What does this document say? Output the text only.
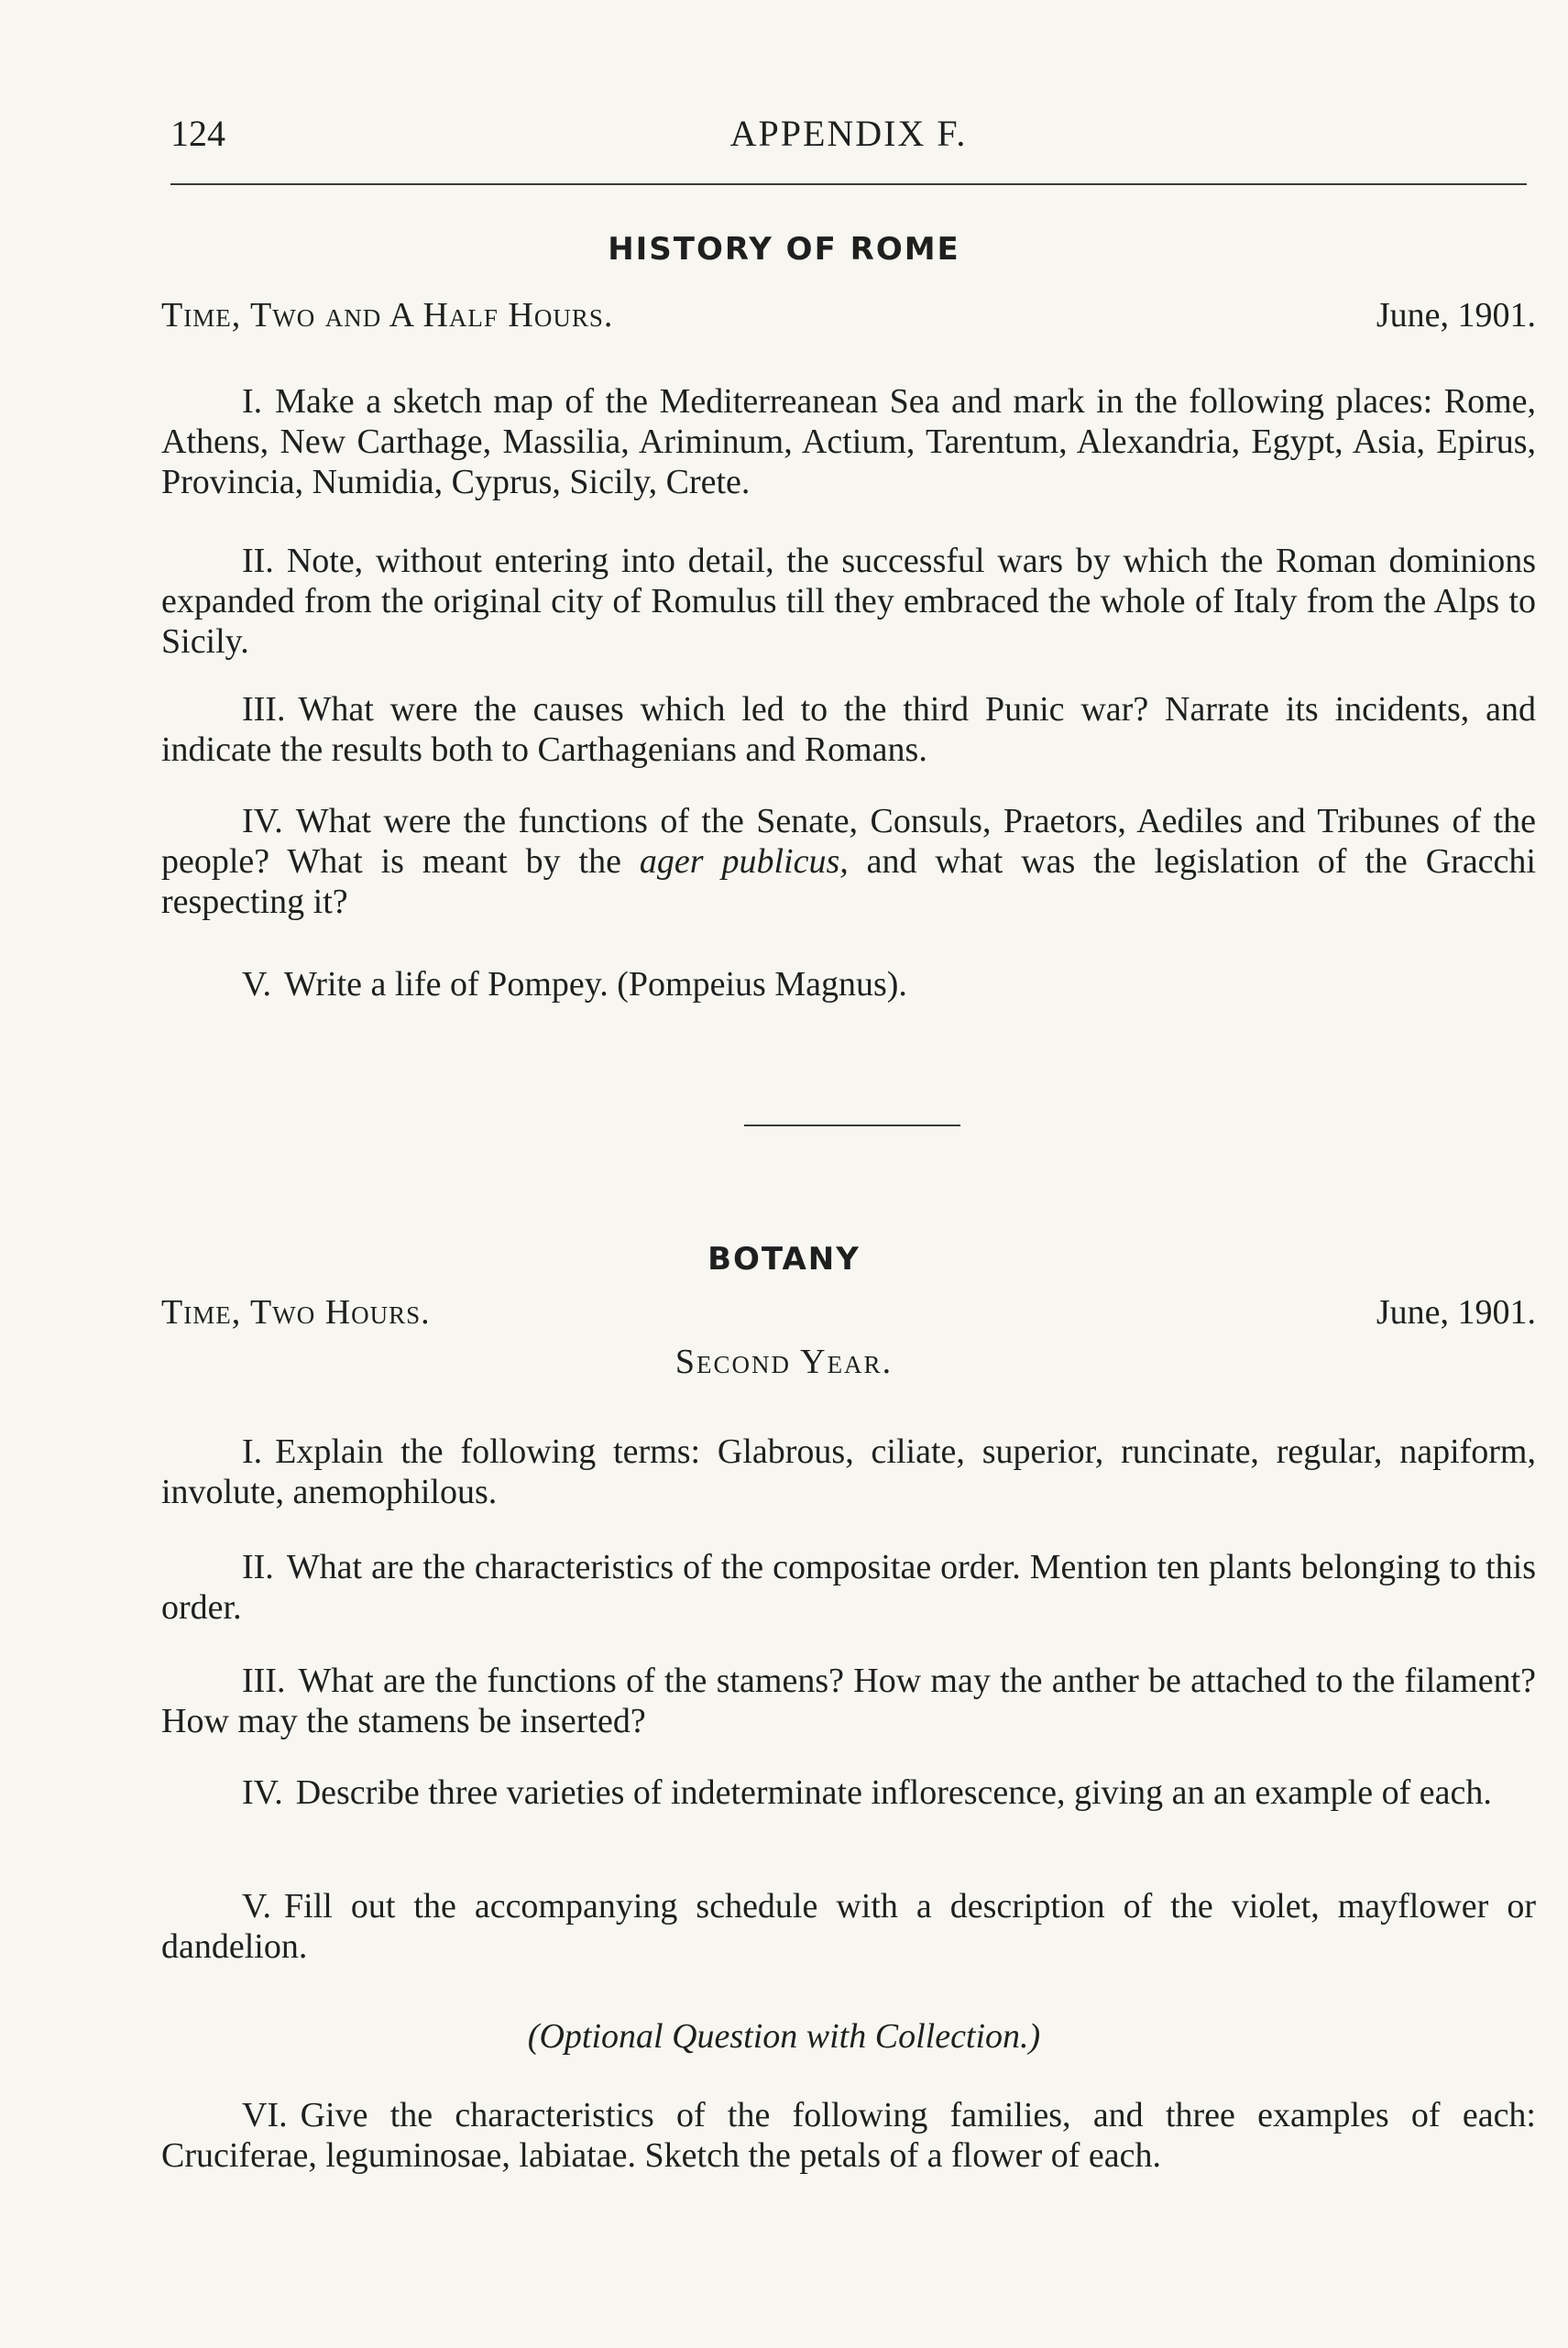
124	APPENDIX F.
HISTORY OF ROME
Time, Two and A Half Hours.	June, 1901.
I. Make a sketch map of the Mediterreanean Sea and mark in the following places: Rome, Athens, New Carthage, Massilia, Ariminum, Actium, Tarentum, Alexandria, Egypt, Asia, Epirus, Provincia, Numidia, Cyprus, Sicily, Crete.
II. Note, without entering into detail, the successful wars by which the Roman dominions expanded from the original city of Romulus till they embraced the whole of Italy from the Alps to Sicily.
III. What were the causes which led to the third Punic war? Narrate its incidents, and indicate the results both to Carthagenians and Romans.
IV. What were the functions of the Senate, Consuls, Praetors, Aediles and Tribunes of the people? What is meant by the ager publicus, and what was the legislation of the Gracchi respecting it?
V. Write a life of Pompey. (Pompeius Magnus).
BOTANY
Time, Two Hours.	June, 1901.
Second Year.
I. Explain the following terms: Glabrous, ciliate, superior, runcinate, regular, napiform, involute, anemophilous.
II. What are the characteristics of the compositae order. Mention ten plants belonging to this order.
III. What are the functions of the stamens? How may the anther be attached to the filament? How may the stamens be inserted?
IV. Describe three varieties of indeterminate inflorescence, giving an an example of each.
V. Fill out the accompanying schedule with a description of the violet, mayflower or dandelion.
(Optional Question with Collection.)
VI. Give the characteristics of the following families, and three examples of each: Cruciferae, leguminosae, labiatae. Sketch the petals of a flower of each.
